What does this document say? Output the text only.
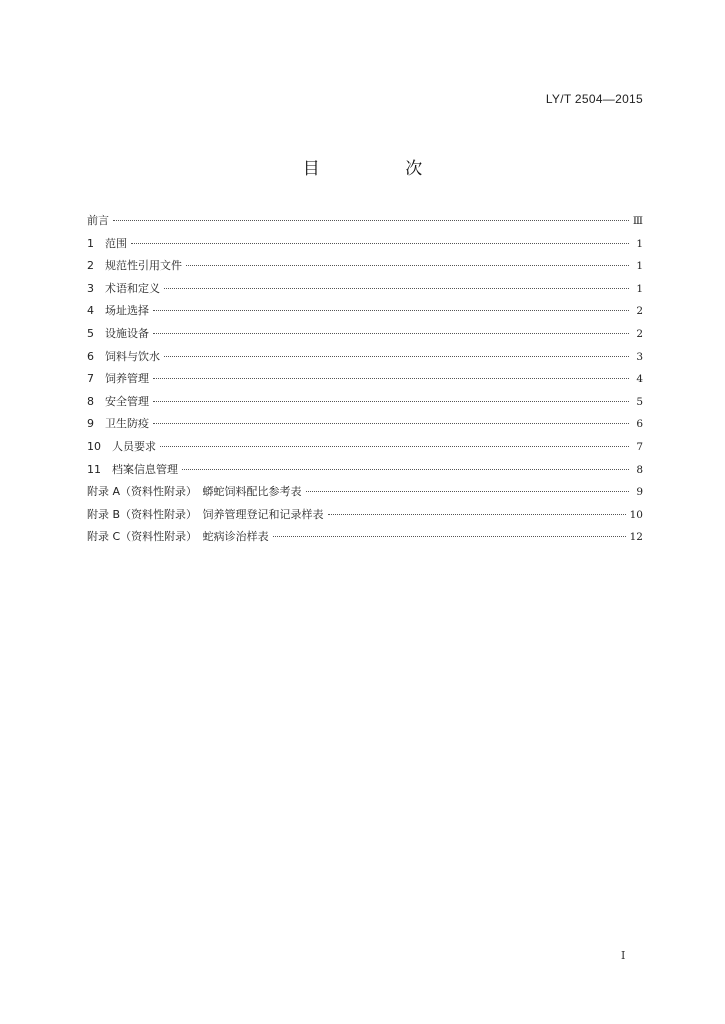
LY/T 2504—2015
目 次
前言	Ⅲ
1　范围	1
2　规范性引用文件	1
3　术语和定义	1
4　场址选择	2
5　设施设备	2
6　饲料与饮水	3
7　饲养管理	4
8　安全管理	5
9　卫生防疫	6
10　人员要求	7
11　档案信息管理	8
附录 A（资料性附录）　蟒蛇饲料配比参考表	9
附录 B（资料性附录）　饲养管理登记和记录样表	10
附录 C（资料性附录）　蛇病诊治样表	12
I
